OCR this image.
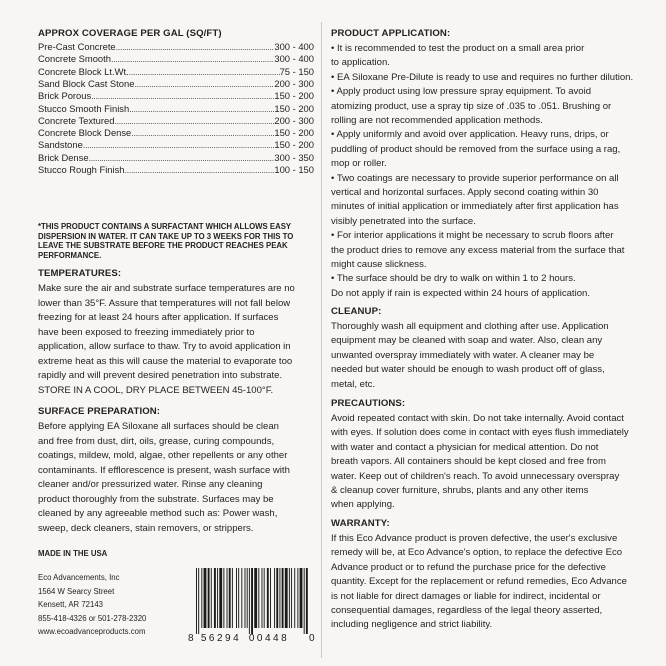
APPROX COVERAGE PER GAL (SQ/FT)
Pre-Cast Concrete .....	300 - 400
Concrete Smooth .....	300 - 400
Concrete Block Lt.Wt. .....	75 - 150
Sand Block Cast Stone .....	200 - 300
Brick Porous .....	150 - 200
Stucco Smooth Finish .....	150 - 200
Concrete Textured .....	200 - 300
Concrete Block Dense .....	150 - 200
Sandstone .....	150 - 200
Brick Dense .....	300 - 350
Stucco Rough Finish .....	100 - 150
*THIS PRODUCT CONTAINS A SURFACTANT WHICH ALLOWS EASY
DISPERSION IN WATER. IT CAN TAKE UP TO 3 WEEKS FOR THIS TO
LEAVE THE SUBSTRATE BEFORE THE PRODUCT REACHES PEAK
PERFORMANCE.
TEMPERATURES:
Make sure the air and substrate surface temperatures are no
lower than 35°F. Assure that temperatures will not fall below
freezing for at least 24 hours after application. If surfaces
have been exposed to freezing immediately prior to
application, allow surface to thaw. Try to avoid application in
extreme heat as this will cause the material to evaporate too
rapidly and will prevent desired penetration into substrate.
STORE IN A COOL, DRY PLACE BETWEEN 45-100°F.
SURFACE PREPARATION:
Before applying EA Siloxane all surfaces should be clean
and free from dust, dirt, oils, grease, curing compounds,
coatings, mildew, mold, algae, other repellents or any other
contaminants. If efflorescence is present, wash surface with
cleaner and/or pressurized water. Rinse any cleaning
product thoroughly from the substrate. Surfaces may be
cleaned by any agreeable method such as: Power wash,
sweep, deck cleaners, stain removers, or strippers.
MADE IN THE USA
Eco Advancements, Inc
1564 W Searcy Street
Kensett, AR 72143
855-418-4326 or 501-278-2320
www.ecoadvanceproducts.com
8 56294 00448 0
PRODUCT APPLICATION:
• It is recommended to test the product on a small area prior
to application.
• EA Siloxane Pre-Dilute is ready to use and requires no further dilution.
• Apply product using low pressure spray equipment. To avoid
atomizing product, use a spray tip size of .035 to .051. Brushing or
rolling are not recommended application methods.
• Apply uniformly and avoid over application. Heavy runs, drips, or
puddling of product should be removed from the surface using a rag,
mop or roller.
• Two coatings are necessary to provide superior performance on all
vertical and horizontal surfaces. Apply second coating within 30
minutes of initial application or immediately after first application has
visibly penetrated into the surface.
• For interior applications it might be necessary to scrub floors after
the product dries to remove any excess material from the surface that
might cause slickness.
• The surface should be dry to walk on within 1 to 2 hours.
Do not apply if rain is expected within 24 hours of application.
CLEANUP:
Thoroughly wash all equipment and clothing after use. Application
equipment may be cleaned with soap and water. Also, clean any
unwanted overspray immediately with water. A cleaner may be
needed but water should be enough to wash product off of glass,
metal, etc.
PRECAUTIONS:
Avoid repeated contact with skin. Do not take internally. Avoid contact
with eyes. If solution does come in contact with eyes flush immediately
with water and contact a physician for medical attention. Do not
breath vapors. All containers should be kept closed and free from
water. Keep out of children's reach. To avoid unnecessary overspray
& cleanup cover furniture, shrubs, plants and any other items
when applying.
WARRANTY:
If this Eco Advance product is proven defective, the user's exclusive
remedy will be, at Eco Advance's option, to replace the defective Eco
Advance product or to refund the purchase price for the defective
quantity. Except for the replacement or refund remedies, Eco Advance
is not liable for direct damages or liable for indirect, incidental or
consequential damages, regardless of the legal theory asserted,
including negligence and strict liability.
